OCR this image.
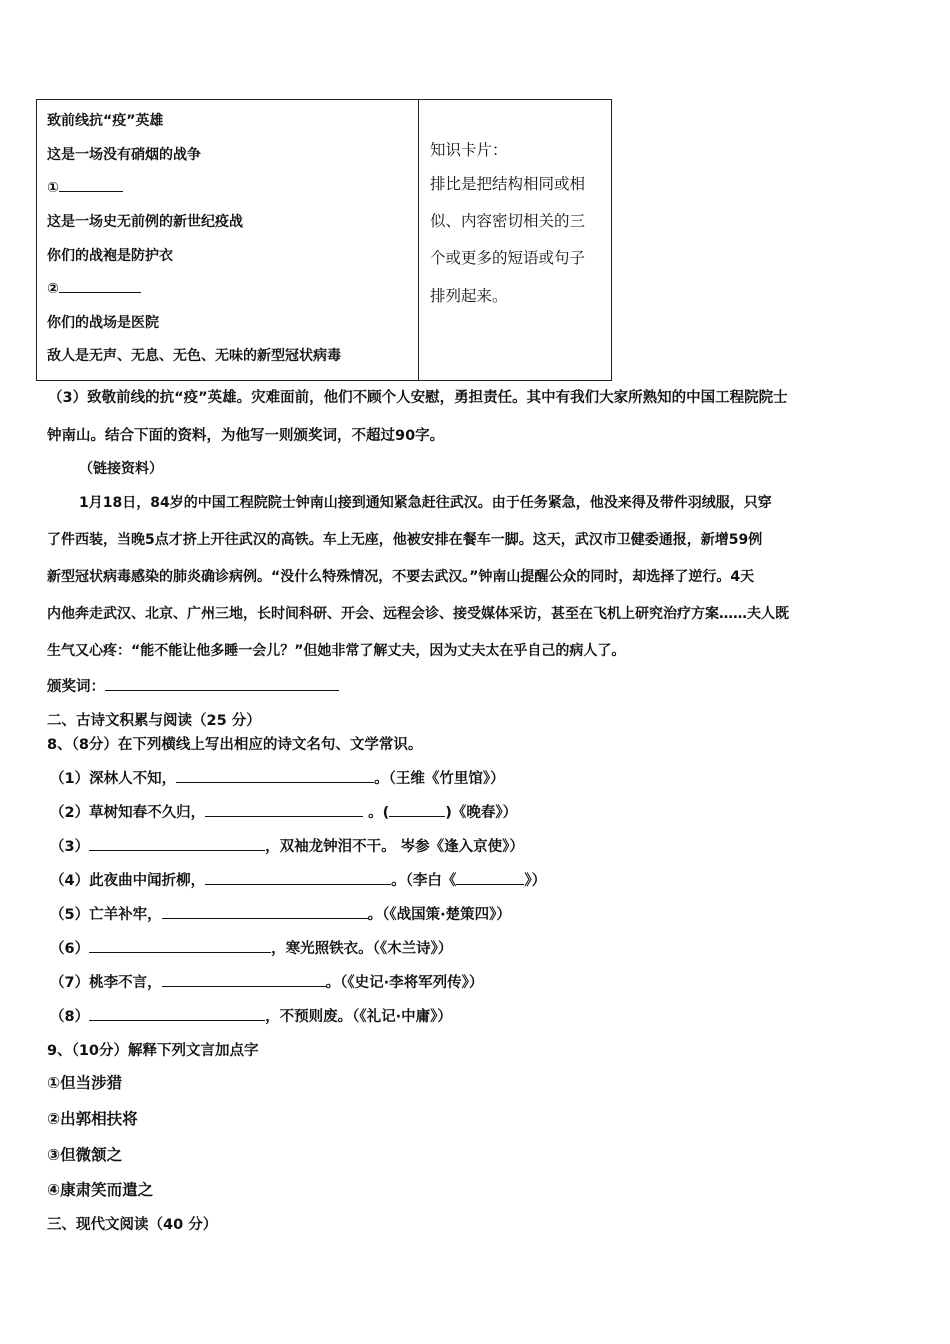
致前线抗“疫”英雄
这是一场没有硝烟的战争
①
这是一场史无前例的新世纪疫战
你们的战袍是防护衣
②
你们的战场是医院
敌人是无声、无息、无色、无味的新型冠状病毒
知识卡片：
排比是把结构相同或相
似、内容密切相关的三
个或更多的短语或句子
排列起来。
（3）致敬前线的抗“疫”英雄。灾难面前，他们不顾个人安慰，勇担责任。其中有我们大家所熟知的中国工程院院士
钟南山。结合下面的资料，为他写一则颁奖词，不超过90字。
（链接资料）
1月18日，84岁的中国工程院院士钟南山接到通知紧急赶往武汉。由于任务紧急，他没来得及带件羽绒服，只穿
了件西装，当晚5点才挤上开往武汉的高铁。车上无座，他被安排在餐车一脚。这天，武汉市卫健委通报，新增59例
新型冠状病毒感染的肺炎确诊病例。“没什么特殊情况，不要去武汉。”钟南山提醒公众的同时，却选择了逆行。4天
内他奔走武汉、北京、广州三地，长时间科研、开会、远程会诊、接受媒体采访，甚至在飞机上研究治疗方案……夫人既
生气又心疼：“能不能让他多睡一会儿？”但她非常了解丈夫，因为丈夫太在乎自己的病人了。
颁奖词：
二、古诗文积累与阅读（25 分）
8、（8分）在下列横线上写出相应的诗文名句、文学常识。
（1）深林人不知，	。（王维《竹里馆》）
（2）草树知春不久归，	。(	)《晚春》）
（3）	，双袖龙钟泪不干。 岑参《逢入京使》）
（4）此夜曲中闻折柳，	。（李白《	》）
（5）亡羊补牢，	。（《战国策·楚策四》）
（6）	，寒光照铁衣。（《木兰诗》）
（7）桃李不言，	。（《史记·李将军列传》）
（8）	，不预则废。（《礼记·中庸》）
9、（10分）解释下列文言加点字
①但当涉猎
②出郭相扶将
③但微颔之
④康肃笑而遣之
三、现代文阅读（40 分）
